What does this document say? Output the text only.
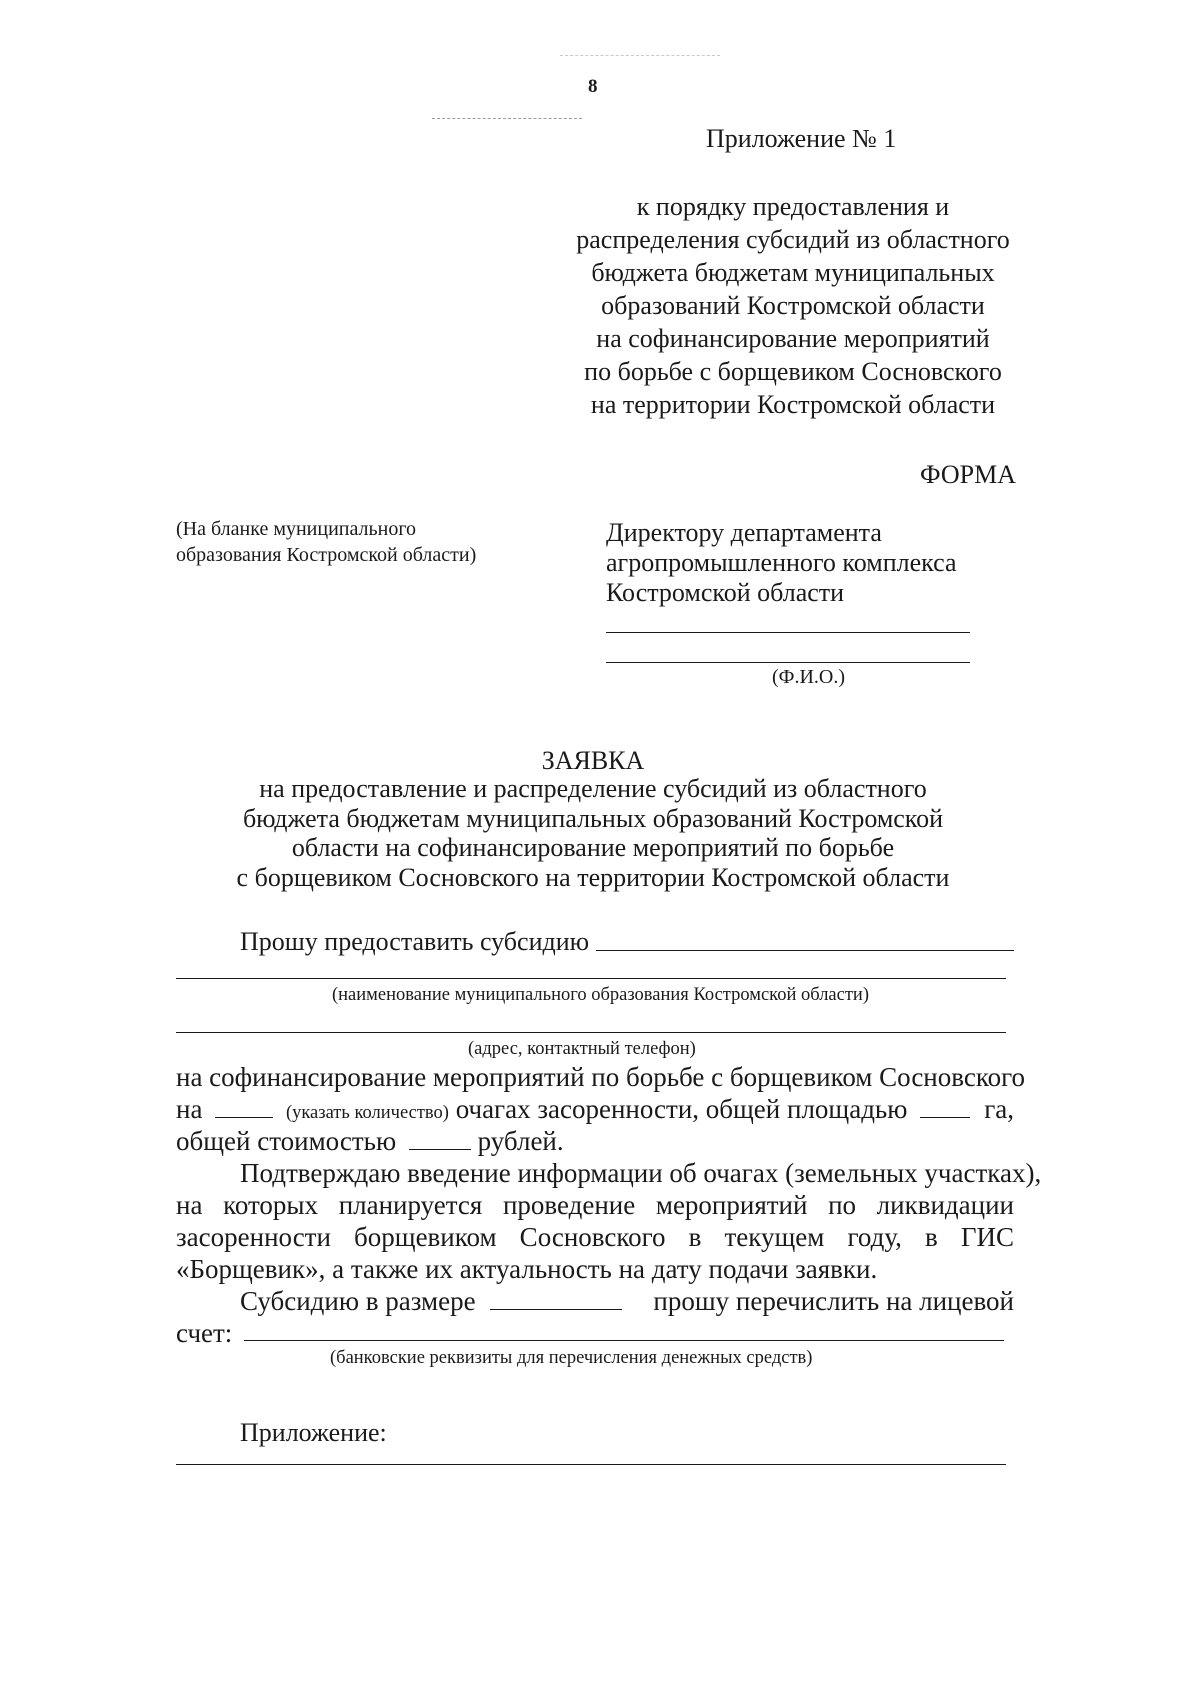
8
Приложение № 1
к порядку предоставления и
распределения субсидий из областного
бюджета бюджетам муниципальных
образований Костромской области
на софинансирование мероприятий
по борьбе с борщевиком Сосновского
на территории Костромской области
ФОРМА
(На бланке муниципального
образования Костромской области)
Директору департамента
агропромышленного комплекса
Костромской области
(Ф.И.О.)
ЗАЯВКА
на предоставление и распределение субсидий из областного
бюджета бюджетам муниципальных образований Костромской
области на софинансирование мероприятий по борьбе
с борщевиком Сосновского на территории Костромской области
Прошу предоставить субсидию
(наименование муниципального образования Костромской области)
(адрес, контактный телефон)
на софинансирование мероприятий по борьбе с борщевиком Сосновского
на	(указать количество) очагах засоренности, общей площадью	га,
общей стоимостью	рублей.
Подтверждаю введение информации об очагах (земельных участках),
на которых планируется проведение мероприятий по ликвидации
засоренности борщевиком Сосновского в текущем году, в ГИС
«Борщевик», а также их актуальность на дату подачи заявки.
Субсидию в размере	прошу перечислить на лицевой
счет:
(банковские реквизиты для перечисления денежных средств)
Приложение:
